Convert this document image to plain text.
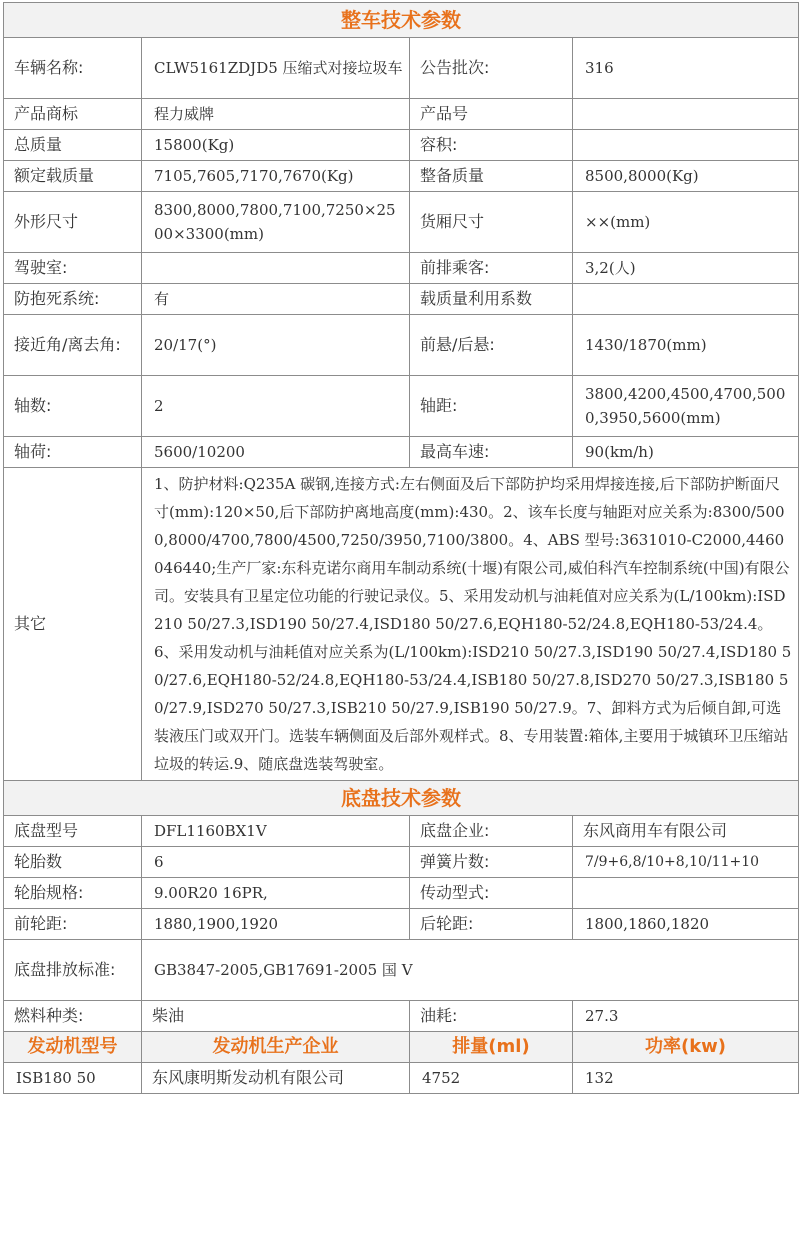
整车技术参数			
车辆名称:	CLW5161ZDJD5 压缩式对接垃圾车	公告批次:	316
产品商标	程力威牌	产品号	
总质量	15800(Kg)	容积:	
额定载质量	7105,7605,7170,7670(Kg)	整备质量	8500,8000(Kg)
外形尺寸	8300,8000,7800,7100,7250×2500×3300(mm)	货厢尺寸	××(mm)
驾驶室:		前排乘客:	3,2(人)
防抱死系统:	有	载质量利用系数	
接近角/离去角:	20/17(°)	前悬/后悬:	1430/1870(mm)
轴数:	2	轴距:	3800,4200,4500,4700,5000,3950,5600(mm)
轴荷:	5600/10200	最高车速:	90(km/h)
其它	1、防护材料:Q235A 碳钢,连接方式:左右侧面及后下部防护均采用焊接连接,后下部防护断面尺寸(mm):120×50,后下部防护离地高度(mm):430。2、该车长度与轴距对应关系为:8300/5000,8000/4700,7800/4500,7250/3950,7100/3800。4、ABS 型号:3631010-C2000,4460046440;生产厂家:东科克诺尔商用车制动系统(十堰)有限公司,威伯科汽车控制系统(中国)有限公司。安装具有卫星定位功能的行驶记录仪。5、采用发动机与油耗值对应关系为(L/100km):ISD210 50/27.3,ISD190 50/27.4,ISD180 50/27.6,EQH180-52/24.8,EQH180-53/24.4。6、采用发动机与油耗值对应关系为(L/100km):ISD210 50/27.3,ISD190 50/27.4,ISD180 50/27.6,EQH180-52/24.8,EQH180-53/24.4,ISB180 50/27.8,ISD270 50/27.3,ISB180 50/27.9,ISD270 50/27.3,ISB210 50/27.9,ISB190 50/27.9。7、卸料方式为后倾自卸,可选装液压门或双开门。选装车辆侧面及后部外观样式。8、专用装置:箱体,主要用于城镇环卫压缩站垃圾的转运.9、随底盘选装驾驶室。		
底盘技术参数			
底盘型号	DFL1160BX1V	底盘企业:	东风商用车有限公司
轮胎数	6	弹簧片数:	7/9+6,8/10+8,10/11+10
轮胎规格:	9.00R20 16PR,	传动型式:	
前轮距:	1880,1900,1920	后轮距:	1800,1860,1820
底盘排放标准:	GB3847-2005,GB17691-2005 国 V		
燃料种类:	柴油	油耗:	27.3
发动机型号	发动机生产企业	排量(ml)	功率(kw)
ISB180 50	东风康明斯发动机有限公司	4752	132
